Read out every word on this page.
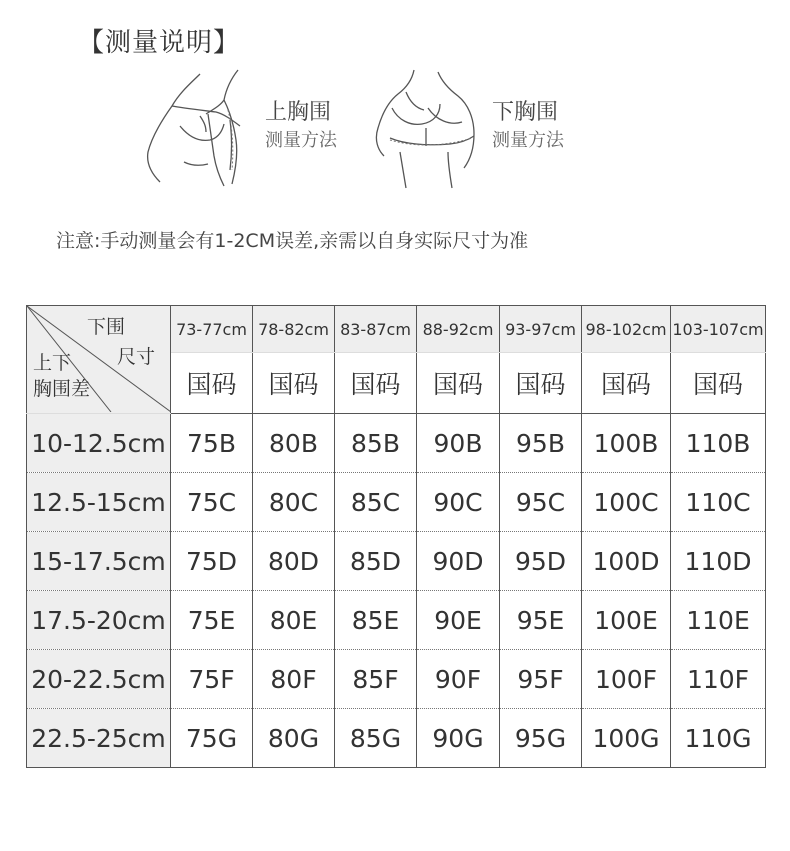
【测量说明】
上胸围
测量方法
下胸围
测量方法
注意:手动测量会有1-2CM误差,亲需以自身实际尺寸为准
下围
尺寸
上下
胸围差	73-77cm	78-82cm	83-87cm	88-92cm	93-97cm	98-102cm	103-107cm
	国码	国码	国码	国码	国码	国码	国码
10-12.5cm	75B	80B	85B	90B	95B	100B	110B
12.5-15cm	75C	80C	85C	90C	95C	100C	110C
15-17.5cm	75D	80D	85D	90D	95D	100D	110D
17.5-20cm	75E	80E	85E	90E	95E	100E	110E
20-22.5cm	75F	80F	85F	90F	95F	100F	110F
22.5-25cm	75G	80G	85G	90G	95G	100G	110G
